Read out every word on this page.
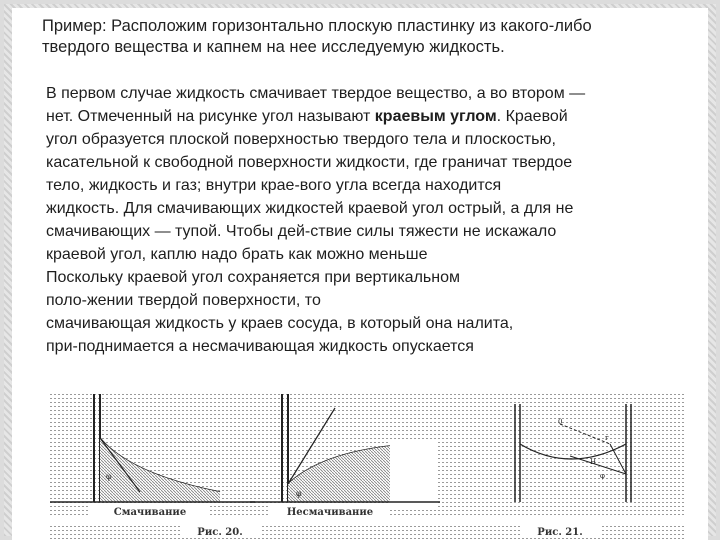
Пример: Расположим горизонтально плоскую пластинку из какого-либо
твердого вещества и капнем на нее исследуемую жидкость.
В первом случае жидкость смачивает твердое вещество, а во втором —
нет. Отмеченный на рисунке угол называют краевым углом. Краевой
угол образуется плоской поверхностью твердого тела и плоскостью,
касательной к свободной поверхности жидкости, где граничат твердое
тело, жидкость и газ; внутри крае-вого угла всегда находится
жидкость. Для смачивающих жидкостей краевой угол острый, а для не
смачивающих — тупой. Чтобы дей-ствие силы тяжести не искажало
краевой угол, каплю надо брать как можно меньше
Поскольку краевой угол сохраняется при вертикальном
поло-жении твердой поверхности, то
смачивающая жидкость у краев сосуда, в который она налита,
при-поднимается а несмачивающая жидкость опускается
φ
Смачивание
Рис. 20.
φ
Несмачивание
0
r
H
φ
Рис. 21.
